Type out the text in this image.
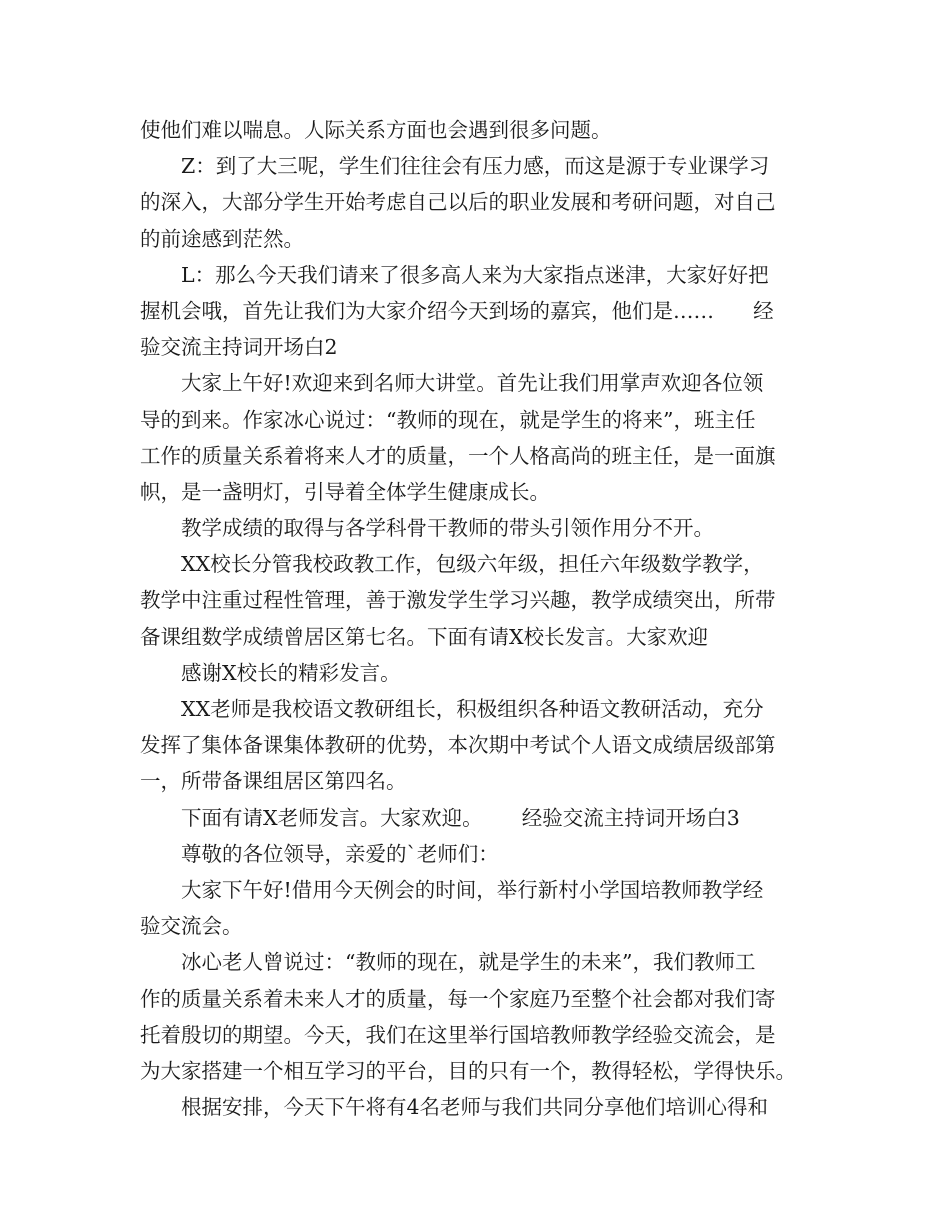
使他们难以喘息。人际关系方面也会遇到很多问题。
Z：到了大三呢，学生们往往会有压力感，而这是源于专业课学习
的深入，大部分学生开始考虑自己以后的职业发展和考研问题，对自己
的前途感到茫然。
L：那么今天我们请来了很多高人来为大家指点迷津，大家好好把
握机会哦，首先让我们为大家介绍今天到场的嘉宾，他们是……      经
验交流主持词开场白2
大家上午好!欢迎来到名师大讲堂。首先让我们用掌声欢迎各位领
导的到来。作家冰心说过：“教师的现在，就是学生的将来”，班主任
工作的质量关系着将来人才的质量，一个人格高尚的班主任，是一面旗
帜，是一盏明灯，引导着全体学生健康成长。
教学成绩的取得与各学科骨干教师的带头引领作用分不开。
XX校长分管我校政教工作，包级六年级，担任六年级数学教学，
教学中注重过程性管理，善于激发学生学习兴趣，教学成绩突出，所带
备课组数学成绩曾居区第七名。下面有请X校长发言。大家欢迎
感谢X校长的精彩发言。
XX老师是我校语文教研组长，积极组织各种语文教研活动，充分
发挥了集体备课集体教研的优势，本次期中考试个人语文成绩居级部第
一，所带备课组居区第四名。
下面有请X老师发言。大家欢迎。      经验交流主持词开场白3
尊敬的各位领导，亲爱的`老师们：
大家下午好!借用今天例会的时间，举行新村小学国培教师教学经
验交流会。
冰心老人曾说过：“教师的现在，就是学生的未来”，我们教师工
作的质量关系着未来人才的质量，每一个家庭乃至整个社会都对我们寄
托着殷切的期望。今天，我们在这里举行国培教师教学经验交流会，是
为大家搭建一个相互学习的平台，目的只有一个，教得轻松，学得快乐。
根据安排，今天下午将有4名老师与我们共同分享他们培训心得和
